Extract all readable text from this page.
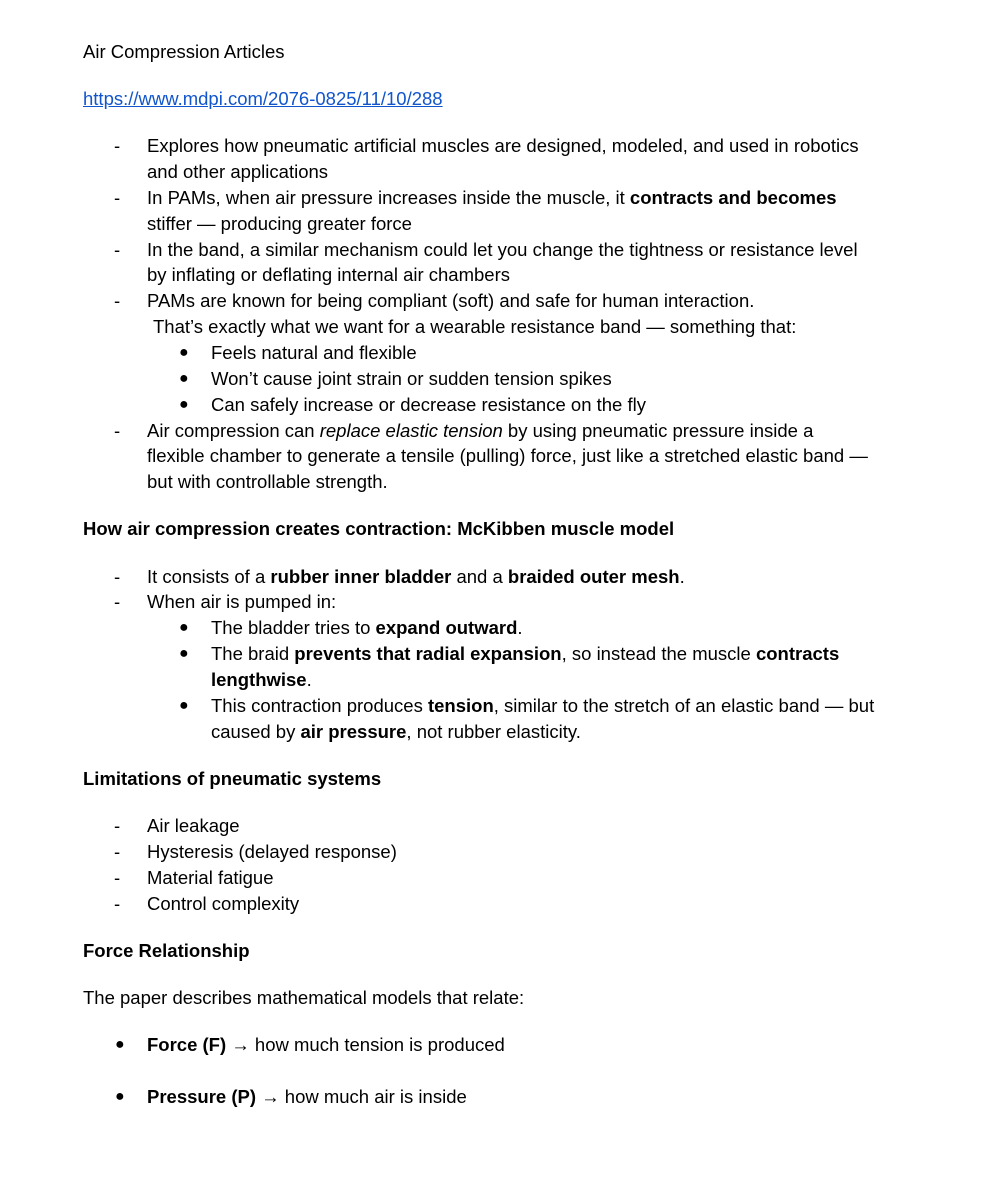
Air Compression Articles
https://www.mdpi.com/2076-0825/11/10/288
- Explores how pneumatic artificial muscles are designed, modeled, and used in robotics
and other applications
- In PAMs, when air pressure increases inside the muscle, it contracts and becomes
stiffer — producing greater force
- In the band, a similar mechanism could let you change the tightness or resistance level
by inflating or deflating internal air chambers
- PAMs are known for being compliant (soft) and safe for human interaction.
That’s exactly what we want for a wearable resistance band — something that:
● Feels natural and flexible
● Won’t cause joint strain or sudden tension spikes
● Can safely increase or decrease resistance on the fly
- Air compression can replace elastic tension by using pneumatic pressure inside a
flexible chamber to generate a tensile (pulling) force, just like a stretched elastic band —
but with controllable strength.
How air compression creates contraction: McKibben muscle model
- It consists of a rubber inner bladder and a braided outer mesh.
- When air is pumped in:
● The bladder tries to expand outward.
● The braid prevents that radial expansion, so instead the muscle contracts
lengthwise.
● This contraction produces tension, similar to the stretch of an elastic band — but
caused by air pressure, not rubber elasticity.
Limitations of pneumatic systems
- Air leakage
- Hysteresis (delayed response)
- Material fatigue
- Control complexity
Force Relationship
The paper describes mathematical models that relate:
● Force (F) → how much tension is produced
● Pressure (P) → how much air is inside
